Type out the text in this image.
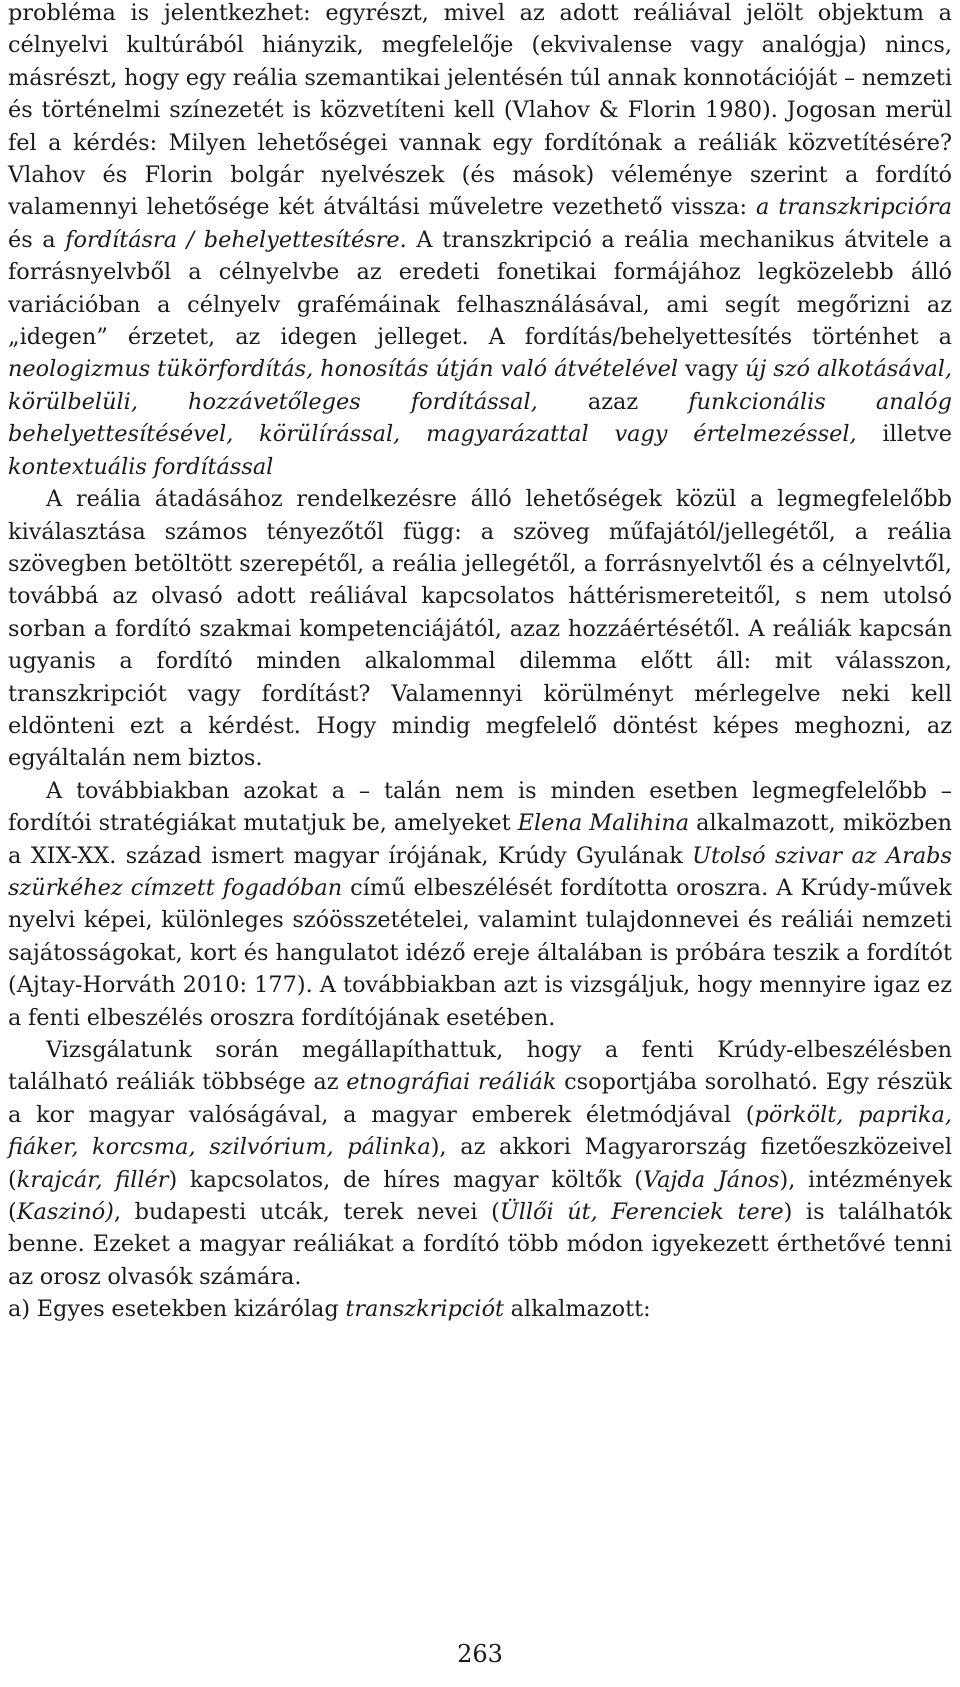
probléma is jelentkezhet: egyrészt, mivel az adott reáliával jelölt objektum a célnyelvi kultúrából hiányzik, megfelelője (ekvivalense vagy analógja) nincs, másrészt, hogy egy reália szemantikai jelentésén túl annak konnotációját – nemzeti és történelmi színezetét is közvetíteni kell (Vlahov & Florin 1980). Jogosan merül fel a kérdés: Milyen lehetőségei vannak egy fordítónak a reáliák közvetítésére? Vlahov és Florin bolgár nyelvészek (és mások) véleménye szerint a fordító valamennyi lehetősége két átváltási műveletre vezethető vissza: a transzkripcióra és a fordításra / behelyettesítésre. A transzkripció a reália mechanikus átvitele a forrásnyelvből a célnyelvbe az eredeti fonetikai formájához legközelebb álló variációban a célnyelv grafémáinak felhasználásával, ami segít megőrizni az „idegen” érzetet, az idegen jelleget. A fordítás/behelyettesítés történhet a neologizmus tükörfordítás, honosítás útján való átvételével vagy új szó alkotásával, körülbelüli, hozzávetőleges fordítással, azaz funkcionális analóg behelyettesítésével, körülírással, magyarázattal vagy értelmezéssel, illetve kontextuális fordítással

A reália átadásához rendelkezésre álló lehetőségek közül a legmegfelelőbb kiválasztása számos tényezőtől függ: a szöveg műfajától/jellegétől, a reália szövegben betöltött szerepétől, a reália jellegétől, a forrásnyelvtől és a célnyelvtől, továbbá az olvasó adott reáliával kapcsolatos háttérismereteitől, s nem utolsó sorban a fordító szakmai kompetenciájától, azaz hozzáértésétől. A reáliák kapcsán ugyanis a fordító minden alkalommal dilemma előtt áll: mit válasszon, transzkripciót vagy fordítást? Valamennyi körülményt mérlegelve neki kell eldönteni ezt a kérdést. Hogy mindig megfelelő döntést képes meghozni, az egyáltalán nem biztos.

A továbbiakban azokat a – talán nem is minden esetben legmegfelelőbb – fordítói stratégiákat mutatjuk be, amelyeket Elena Malihina alkalmazott, miközben a XIX-XX. század ismert magyar írójának, Krúdy Gyulának Utolsó szivar az Arabs szürkéhez címzett fogadóban című elbeszélését fordította oroszra. A Krúdy-művek nyelvi képei, különleges szóösszetételei, valamint tulajdonnevei és reáliái nemzeti sajátosságokat, kort és hangulatot idéző ereje általában is próbára teszik a fordítót (Ajtay-Horváth 2010: 177). A továbbiakban azt is vizsgáljuk, hogy mennyire igaz ez a fenti elbeszélés oroszra fordítójának esetében.

Vizsgálatunk során megállapíthattuk, hogy a fenti Krúdy-elbeszélésben található reáliák többsége az etnográfiai reáliák csoportjába sorolható. Egy részük a kor magyar valóságával, a magyar emberek életmódjával (pörkölt, paprika, fiáker, korcsma, szilvórium, pálinka), az akkori Magyarország fizetőeszközeivel (krajcár, fillér) kapcsolatos, de híres magyar költők (Vajda János), intézmények (Kaszinó), budapesti utcák, terek nevei (Üllői út, Ferenciek tere) is találhatók benne. Ezeket a magyar reáliákat a fordító több módon igyekezett érthetővé tenni az orosz olvasók számára.

a) Egyes esetekben kizárólag transzkripciót alkalmazott:

263
